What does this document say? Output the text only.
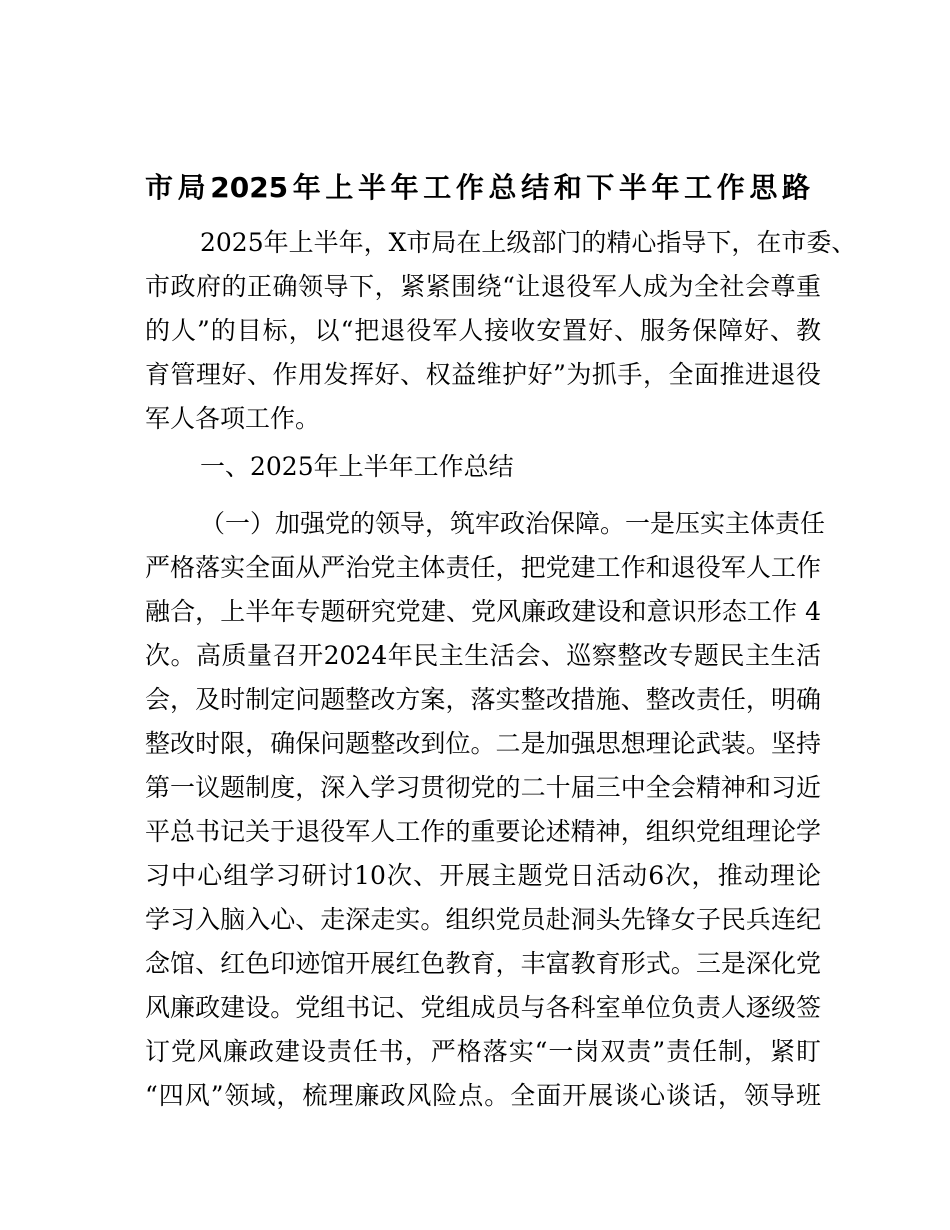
市局2025年上半年工作总结和下半年工作思路
2025年上半年，X市局在上级部门的精心指导下，在市委、
市政府的正确领导下，紧紧围绕“让退役军人成为全社会尊重
的人”的目标，以“把退役军人接收安置好、服务保障好、教
育管理好、作用发挥好、权益维护好”为抓手，全面推进退役
军人各项工作。
一、2025年上半年工作总结
（一）加强党的领导，筑牢政治保障。一是压实主体责任
严格落实全面从严治党主体责任，把党建工作和退役军人工作
融合，上半年专题研究党建、党风廉政建设和意识形态工作 4
次。高质量召开2024年民主生活会、巡察整改专题民主生活
会，及时制定问题整改方案，落实整改措施、整改责任，明确
整改时限，确保问题整改到位。二是加强思想理论武装。坚持
第一议题制度，深入学习贯彻党的二十届三中全会精神和习近
平总书记关于退役军人工作的重要论述精神，组织党组理论学
习中心组学习研讨10次、开展主题党日活动6次，推动理论
学习入脑入心、走深走实。组织党员赴洞头先锋女子民兵连纪
念馆、红色印迹馆开展红色教育，丰富教育形式。三是深化党
风廉政建设。党组书记、党组成员与各科室单位负责人逐级签
订党风廉政建设责任书，严格落实“一岗双责”责任制，紧盯
“四风”领域，梳理廉政风险点。全面开展谈心谈话，领导班
